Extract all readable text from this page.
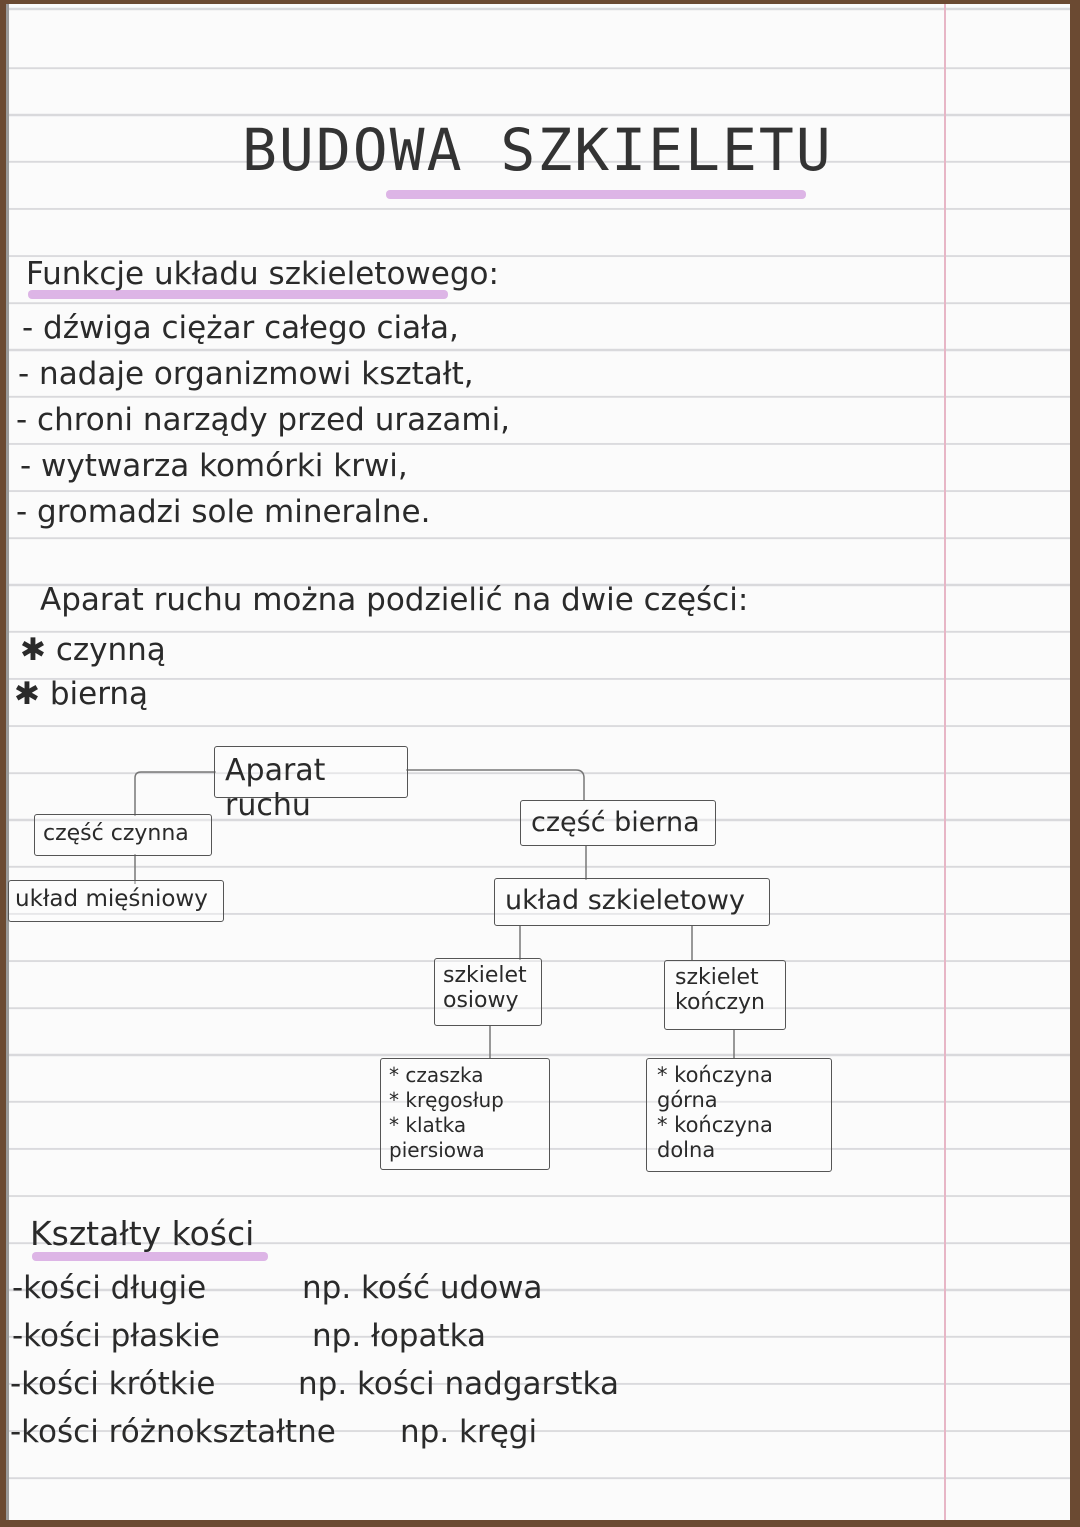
BUDOWA SZKIELETU
Funkcje układu szkieletowego:
- dźwiga ciężar całego ciała,
- nadaje organizmowi kształt,
- chroni narządy przed urazami,
- wytwarza komórki krwi,
- gromadzi sole mineralne.
Aparat ruchu można podzielić na dwie części:
✱ czynną
✱ bierną
Aparat ruchu
część czynna	część bierna
układ mięśniowy	układ szkieletowy
szkielet
osiowy
szkielet
kończyn
* czaszka
* kręgosłup
* klatka
piersiowa
* kończyna
górna
* kończyna
dolna
Kształty kości
-kości długie	np. kość udowa
-kości płaskie	np. łopatka
-kości krótkie	np. kości nadgarstka
-kości różnokształtne np. kręgi
